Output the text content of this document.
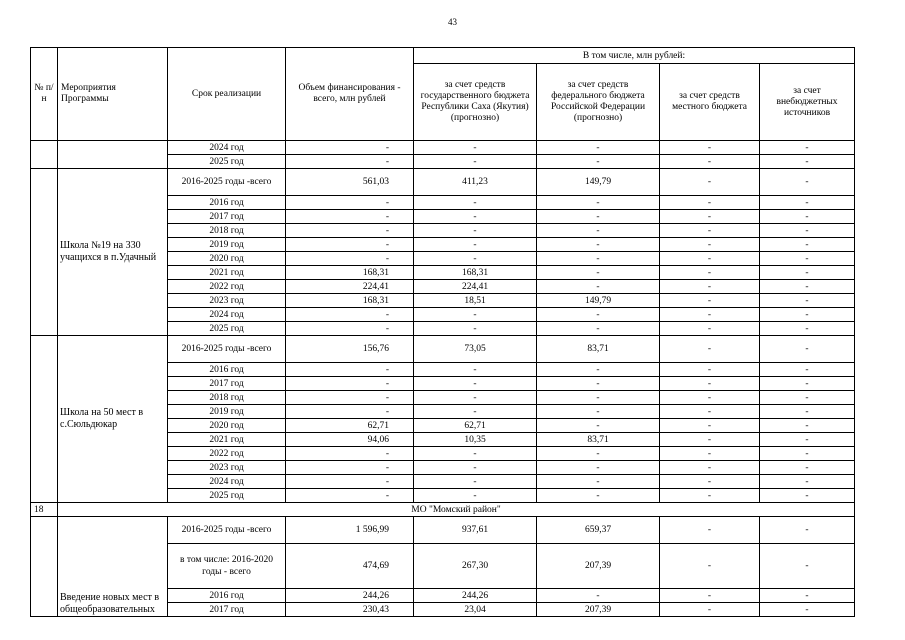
43
№ п/н	Мероприятия Программы	Срок реализации	Объем финансирования - всего, млн рублей	В том числе, млн рублей:			
				за счет средств государственного бюджета Республики Саха (Якутия) (прогнозно)	за счет средств федерального бюджета Российской Федерации (прогнозно)	за счет средств местного бюджета	за счет внебюджетных источников
		2024 год	-	-	-	-	-
		2025 год	-	-	-	-	-
	Школа №19 на 330 учащихся в п.Удачный	2016-2025 годы -всего	561,03	411,23	149,79	-	-
		2016 год	-	-	-	-	-
		2017 год	-	-	-	-	-
		2018 год	-	-	-	-	-
		2019 год	-	-	-	-	-
		2020 год	-	-	-	-	-
		2021 год	168,31	168,31	-	-	-
		2022 год	224,41	224,41	-	-	-
		2023 год	168,31	18,51	149,79	-	-
		2024 год	-	-	-	-	-
		2025 год	-	-	-	-	-
	Школа на 50 мест в с.Сюльдюкар	2016-2025 годы -всего	156,76	73,05	83,71	-	-
		2016 год	-	-	-	-	-
		2017 год	-	-	-	-	-
		2018 год	-	-	-	-	-
		2019 год	-	-	-	-	-
		2020 год	62,71	62,71	-	-	-
		2021 год	94,06	10,35	83,71	-	-
		2022 год	-	-	-	-	-
		2023 год	-	-	-	-	-
		2024 год	-	-	-	-	-
		2025 год	-	-	-	-	-
18	МО "Момский район"						
	Введение новых мест в общеобразовательных	2016-2025 годы -всего	1 596,99	937,61	659,37	-	-
		в том числе: 2016-2020 годы - всего	474,69	267,30	207,39	-	-
		2016 год	244,26	244,26	-	-	-
		2017 год	230,43	23,04	207,39	-	-
